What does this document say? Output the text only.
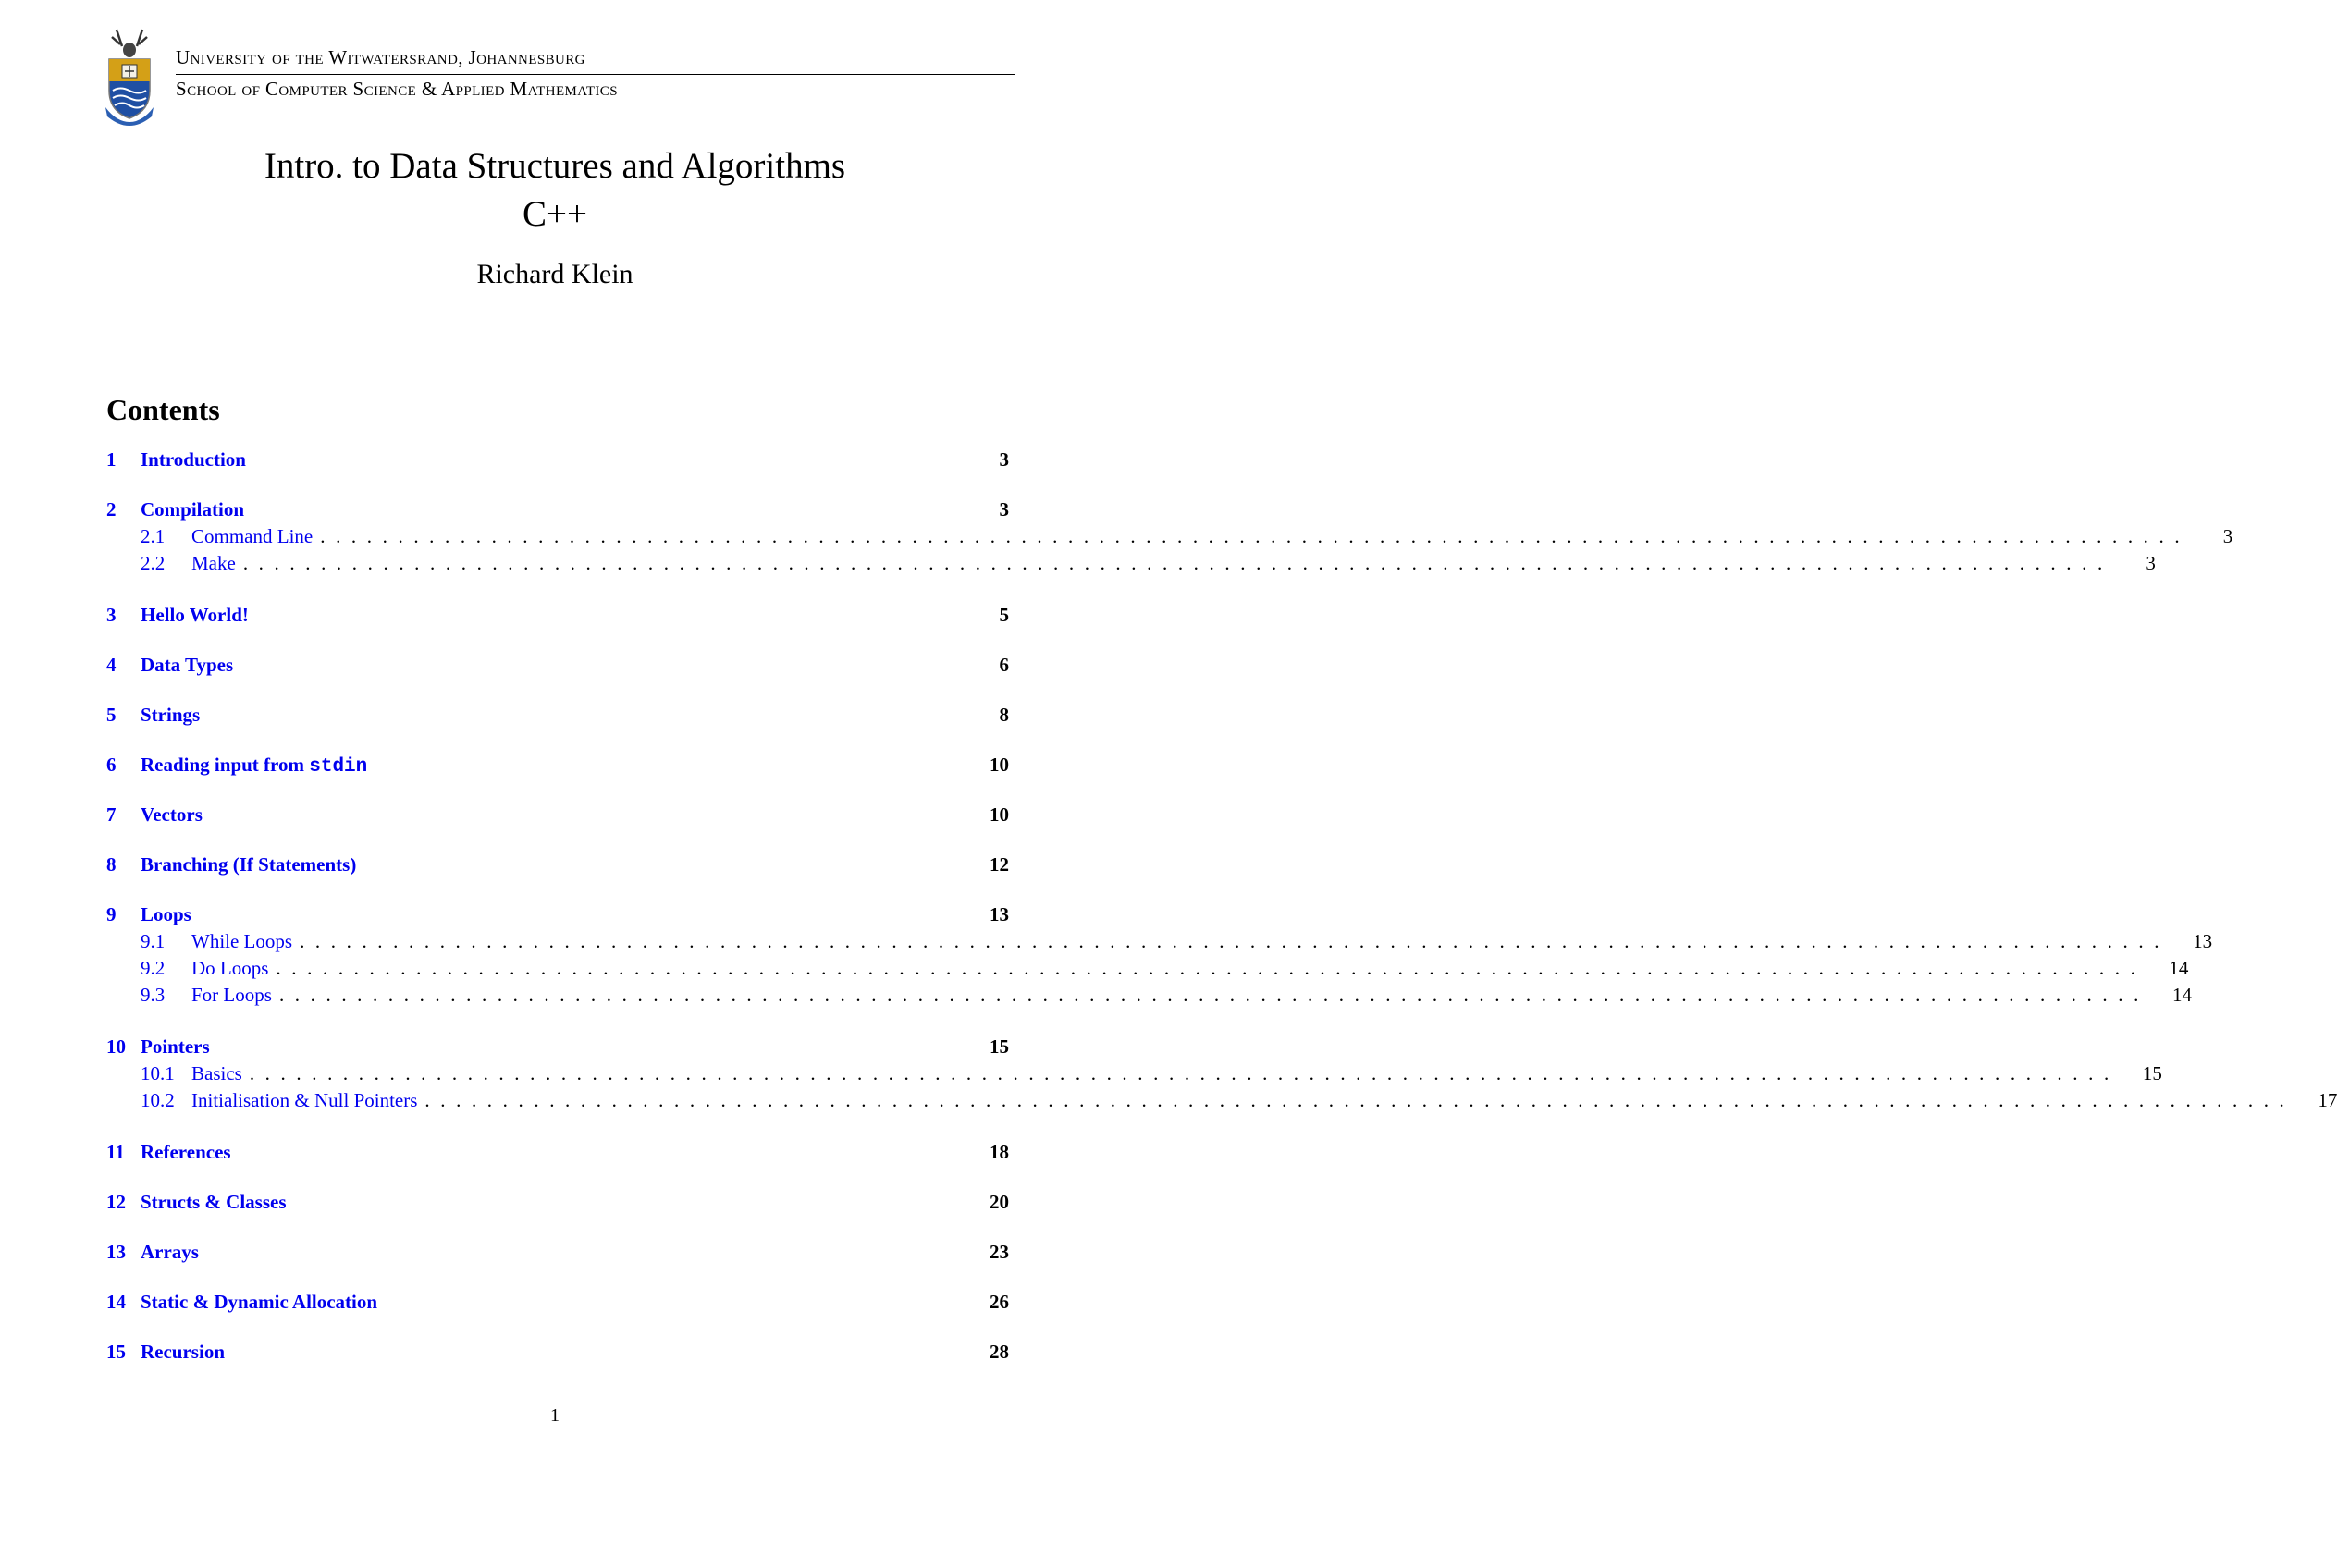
University of the Witwatersrand, Johannesburg
School of Computer Science & Applied Mathematics
Intro. to Data Structures and Algorithms
C++
Richard Klein
Contents
1	Introduction	3
2	Compilation	3
2.1	Command Line ........................................................................................................................	3
2.2	Make ........................................................................................................................	3
3	Hello World!	5
4	Data Types	6
5	Strings	8
6	Reading input from stdin	10
7	Vectors	10
8	Branching (If Statements)	12
9	Loops	13
9.1	While Loops ........................................................................................................................ 13
9.2	Do Loops ........................................................................................................................ 14
9.3	For Loops ........................................................................................................................ 14
10 Pointers	15
10.1 Basics ........................................................................................................................ 15
10.2 Initialisation & Null Pointers ........................................................................................................................ 17
11 References	18
12 Structs & Classes	20
13 Arrays	23
14 Static & Dynamic Allocation	26
15 Recursion	28
1
